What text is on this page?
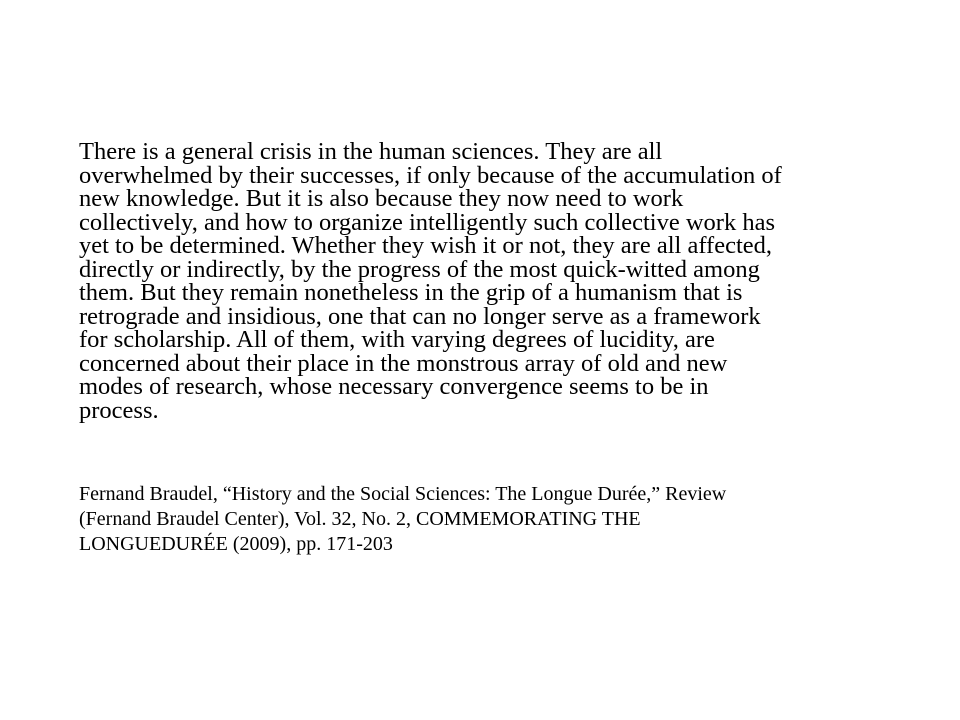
There is a general crisis in the human sciences. They are all
overwhelmed by their successes, if only because of the accumulation of
new knowledge. But it is also because they now need to work
collectively, and how to organize intelligently such collective work has
yet to be determined. Whether they wish it or not, they are all affected,
directly or indirectly, by the progress of the most quick-witted among
them. But they remain nonetheless in the grip of a humanism that is
retrograde and insidious, one that can no longer serve as a framework
for scholarship. All of them, with varying degrees of lucidity, are
concerned about their place in the monstrous array of old and new
modes of research, whose necessary convergence seems to be in
process.
Fernand Braudel, “History and the Social Sciences: The Longue Durée,” Review
(Fernand Braudel Center), Vol. 32, No. 2, COMMEMORATING THE
LONGUEDURÉE (2009), pp. 171-203
